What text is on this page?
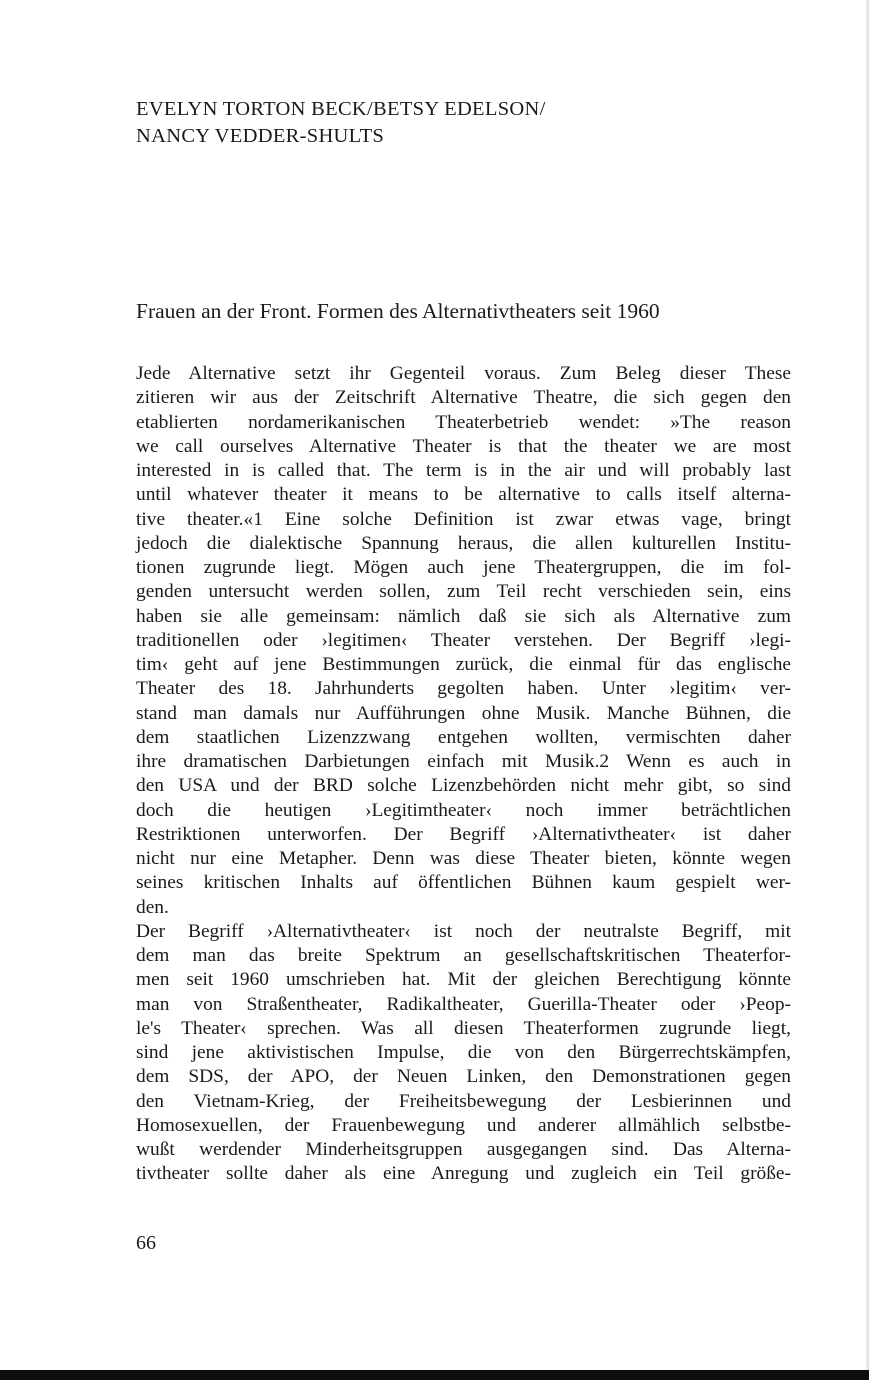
EVELYN TORTON BECK/BETSY EDELSON/
NANCY VEDDER-SHULTS
Frauen an der Front. Formen des Alternativtheaters seit 1960
Jede Alternative setzt ihr Gegenteil voraus. Zum Beleg dieser These
zitieren wir aus der Zeitschrift Alternative Theatre, die sich gegen den
etablierten nordamerikanischen Theaterbetrieb wendet: »The reason
we call ourselves Alternative Theater is that the theater we are most
interested in is called that. The term is in the air und will probably last
until whatever theater it means to be alternative to calls itself alterna-
tive theater.«1 Eine solche Definition ist zwar etwas vage, bringt
jedoch die dialektische Spannung heraus, die allen kulturellen Institu-
tionen zugrunde liegt. Mögen auch jene Theatergruppen, die im fol-
genden untersucht werden sollen, zum Teil recht verschieden sein, eins
haben sie alle gemeinsam: nämlich daß sie sich als Alternative zum
traditionellen oder ›legitimen‹ Theater verstehen. Der Begriff ›legi-
tim‹ geht auf jene Bestimmungen zurück, die einmal für das englische
Theater des 18. Jahrhunderts gegolten haben. Unter ›legitim‹ ver-
stand man damals nur Aufführungen ohne Musik. Manche Bühnen, die
dem staatlichen Lizenzzwang entgehen wollten, vermischten daher
ihre dramatischen Darbietungen einfach mit Musik.2 Wenn es auch in
den USA und der BRD solche Lizenzbehörden nicht mehr gibt, so sind
doch die heutigen ›Legitimtheater‹ noch immer beträchtlichen
Restriktionen unterworfen. Der Begriff ›Alternativtheater‹ ist daher
nicht nur eine Metapher. Denn was diese Theater bieten, könnte wegen
seines kritischen Inhalts auf öffentlichen Bühnen kaum gespielt wer-
den.
Der Begriff ›Alternativtheater‹ ist noch der neutralste Begriff, mit
dem man das breite Spektrum an gesellschaftskritischen Theaterfor-
men seit 1960 umschrieben hat. Mit der gleichen Berechtigung könnte
man von Straßentheater, Radikaltheater, Guerilla-Theater oder ›Peop-
le's Theater‹ sprechen. Was all diesen Theaterformen zugrunde liegt,
sind jene aktivistischen Impulse, die von den Bürgerrechtskämpfen,
dem SDS, der APO, der Neuen Linken, den Demonstrationen gegen
den Vietnam-Krieg, der Freiheitsbewegung der Lesbierinnen und
Homosexuellen, der Frauenbewegung und anderer allmählich selbstbe-
wußt werdender Minderheitsgruppen ausgegangen sind. Das Alterna-
tivtheater sollte daher als eine Anregung und zugleich ein Teil größe-
66
